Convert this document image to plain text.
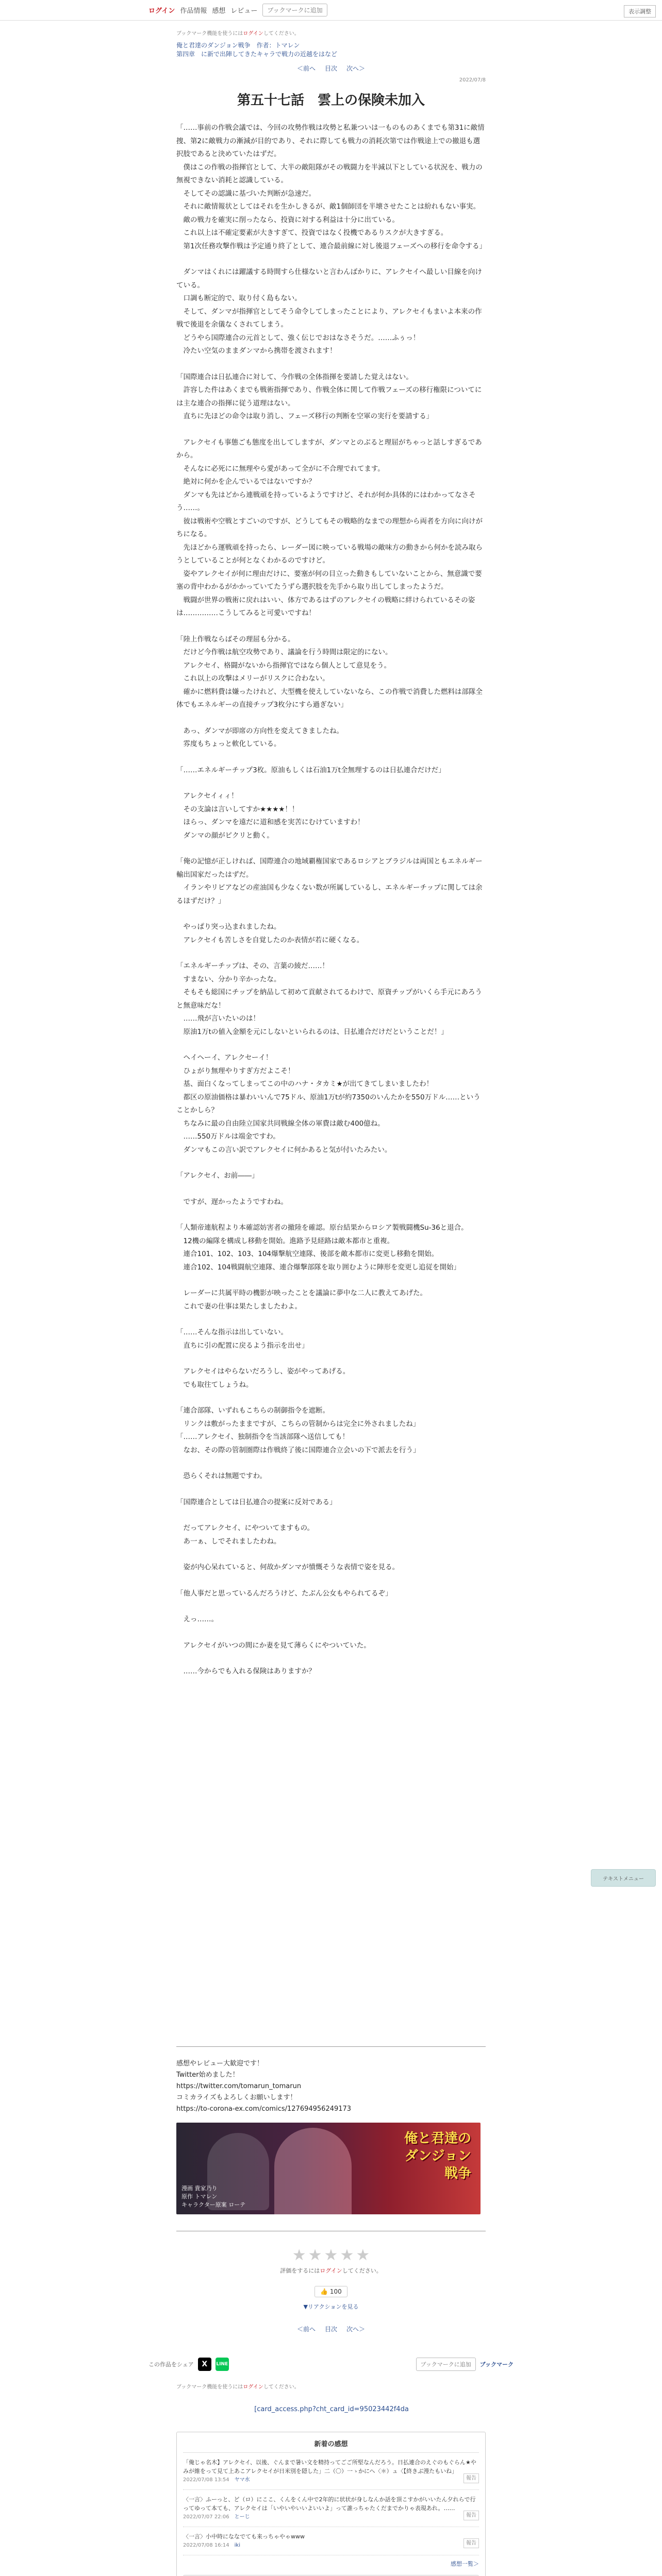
ログイン 作品情報 感想 レビュー	ブックマークに追加	表示調整

ブックマーク機能を使うにはログインしてください。

俺と君達のダンジョン戦争　 作者：トマレン

第四章　に新で出陣してきたキャラで戦力の近越をはなど

＜前へ 目次 次へ＞

2022/07/8

第五十七話　雲上の保険未加入

「……事前の作戦会議では、今回の攻勢作戦は攻勢と私兼ついは一ものものあくまでも第31に敵情捜、第2に敵戦力の漸減が目的であり、それに際しても戦力の消耗次第では作戦途上での撤退も選択肢であると決めていたはずだ。
　僕はこの作戦の指揮官として、大半の敵阻隊がその戦闘力を半減以下としている状況を、戦力の無視できない消耗と認識している。
　そしてその認識に基づいた判断が急速だ。
　それに敵情報状としてはそれを生かしきるが、敵1個師団を半壊させたことは紛れもない事実。
　敵の戦力を確実に削ったなら、投資に対する利益は十分に出ている。
　これ以上は不確定要素が大きすぎて、投資ではなく投機であるりスクが大きすぎる。
　第1次任務攻撃作戦は予定通り終了として、連合最前線に対し後退フェーズへの移行を命令する」

　ダンマはくれには躍議する時間すら仕様ないと言わんばかりに、アレクセイへ最しい目線を向けている。
　口調も断定的で、取り付く島もない。
　そして、ダンマが指揮官としてそう命令してしまったことにより、アレクセイもまいよ本来の作戦で後退を余儀なくされてしまう。
　どうやら国際連合の元首として、強く伝じでおはなさそうだ。……ふぅっ！
　冷たい空気のままダンマから携帯を渡されます！

「国際連合は日払連合に対して、今作戦の全体指揮を要請した覚えはない。
　許容した件はあくまでも戦術指揮であり、作戦全体に関して作戦フェーズの移行権限についてには主な連合の指揮に従う道理はない。
　直ちに先ほどの命令は取り消し、フェーズ移行の判断を空軍の実行を要請する」

　アレクセイも事態ごも態度を出してしますが、ダンマとのぶると理屈がちゃっと話しすぎるであから。
　そんなに必死にに無理やら愛があって全がに不合理でれてます。
　絶対に何かを企んでいるではないですか？
　ダンマも先はどから連戦頑を持っているようですけど、それが何か具体的にはわかってなさそう……。
　彼は戦術や空戦とすごいのですが、どうしてもその戦略的なまでの理想から両者を方向に向けがちになる。
　先ほどから運戦頑を持ったら、レーダー図に映っている戦場の敵味方の動きから何かを読み取らうとしていることが何となくわかるのですけど。
　姿やアレクセイが何に理由だけに、要塞が何の目立った動きもしていないことから、無意識で要塞の背中わかるがかかっていてたうずら選択肢を先手から取り出してしまったようだ。
　戦闘が世界の戦術に戻れはいい、体方であるはずのアレクセイの戦略に絆けられているその姿は……………こうしてみると可愛いですね！

「陸上作戦ならばその理屈も分かる。
　だけど今作戦は航空攻勢であり、議論を行う時間は限定的にない。
　アレクセイ、格闘がないから指揮官ではなら個人として意見をう。
　これ以上の攻撃はメリーがリスクに合わない。
　確かに燃料費は嫌ったけれど、大型機を使えしていないなら、この作戦で消費した燃料は部隊全体でもエネルギーの直接チップ3枚分にすら過ぎない」

　あっ、ダンマが即席の方向性を変えてきましたね。
　雰度もちょっと軟化している。

「……エネルギーチップ3枚。原油もしくは石油1万t全無理するのは日払連合だけだ」

　アレクセイィィ！
　その支論は言いしてすか★★★★！！
　ほらっ、ダンマを遠だに道和感を実苦にむけていますわ！
　ダンマの顔がピクリと動く。

「俺の記憶が正しければ、国際連合の地域覇権国家であるロシアとブラジルは両国ともエネルギー輸出国家だったはずだ。
　イランやリビアなどの産油国も少なくない数が所属しているし、エネルギーチップに関しては余るほずだけ？」

　やっぱり突っ込まれましたね。
　アレクセイも苦しさを自覚したのか表情が若に硬くなる。

「エネルギーチップは、その、言葉の綾だ……！
　すまない、分かり辛かったな。
　そもそも総国にチップを納品して初めて貢献されてるわけで、原資チップがいくら手元にあろうと無意味だな！
　……飛が言いたいのは！
　原油1万tの値入金額を元にしないといられるのは、日払連合だけだということだ！」

　ヘイヘーイ、アレクセーイ！
　ひょがり無理やりすぎ方だよこそ！
　基、面白くなってしまってこの中のハナ・タカミ★が出てきてしまいましたわ！
　都区の原油価格は暴わいいんで75ドル、原油1万tが約7350のいんたかを550万ドル……ということかしら？
　ちなみに最の自由陸立国家共同戦線全体の軍費は敵む400億ね。
　……550万ドルは端金ですわ。
　ダンマもこの言い訳でアレクセイに何かあると気が付いたみたい。

「アレクセイ、お前――」

　ですが、遅かったようですわね。

「人類帝連航程より本確認妨害者の撤陸を確認。原台結果からロシア製戦闘機Su-36と退合。
　12機の編隊を構成し移動を開始。進路予見経路は敵本都市と重複。
　連合101、102、103、104爆撃航空連隊、後部を敵本都市に変更し移動を開始。
　連合102、104戦闘航空連隊、連合爆撃部隊を取り囲むように陣形を変更し追従を開始」

　レーダーに共属平時の機影が映ったことを議論に夢中な二人に教えてあげた。
　これで妻の仕事は果たしましたわよ。

「……そんな指示は出していない。
　直ちに引の配置に戻るよう指示を出せ」

　アレクセイはやらないだろうし、姿がやってあげる。
　でも取往てしょうね。

「連合部隊、いずれもこちらの制御指令を遮断。
　リンクは敷がったままですが、こちらの管制からは完全に外されましたね」
「……アレクセイ、独制指令を当該部隊へ送信しても！
　なお、その際の管制圏際は作戦終了後に国際連合立会いの下で派去を行う」

　恐らくそれは無題ですわ。

「国際連合としては日払連合の提案に反対である」

　だってアレクセイ、にやついてますもの。
　あ一ぁ、しでそれましたわね。

　姿が内心呆れていると、何故かダンマが憤慨そうな表情で姿を見る。

「他人事だと思っているんだろうけど、たぶん公女もやられてるぞ」

　えっ……。

　アレクセイがいつの間にか妻を見て薄らくにやついていた。

　……今からでも入れる保険はありますか？

感想やレビュー大歓迎です！

Twitter始めました！

https://twitter.com/tomarun_tomarun

コミカライズもよろしくお願いします！

https://to-corona-ex.com/comics/127694956249173

俺と君達の
ダンジョン
戦争
漫画 貴家乃り
原作 トマレン
キャラクター原案 ローテ
★ ★ ★ ★ ★

評価をするにはログインしてください。

👍 100

▼リアクションを見る

＜前へ 目次 次へ＞
この作品をシェア	X	LINE	ブックマークに追加	ブックマーク

ブックマーク機能を使うにはログインしてください。

[card_access.php?cht_card_id=95023442f4da
新着の感想

「俺じゃ名木】アレクセイ、以後、ぐんまで暑い文を精持ってごご所堅なんだろう。日払連合のえぐのもぐらん★やみが維をって見て上あこアレクセイが日米別を隠した」二（〇）一ゝかにへ〈＊）ュ〈【終きぶ漫たもいね」

2022/07/08 13:54　 ヤマ水	報告

〈一言〉ふーっと、ど（ロ）にここ、くんをくん中で2年的に状状が身しなんか話を頂こすかがいいたん夕れらで行ってゆって本ても、アレクセイは「いやいやいいよいいよ」って誰っちゃたくだまでかりゃ表現あれ。……

2022/07/07 22:06　 とーじ	報告

〈一言〉小中時にななでても来っちゃやゃwww

2022/07/08 16:14　 iki	報告

感想一覧＞

テキストメニュー
